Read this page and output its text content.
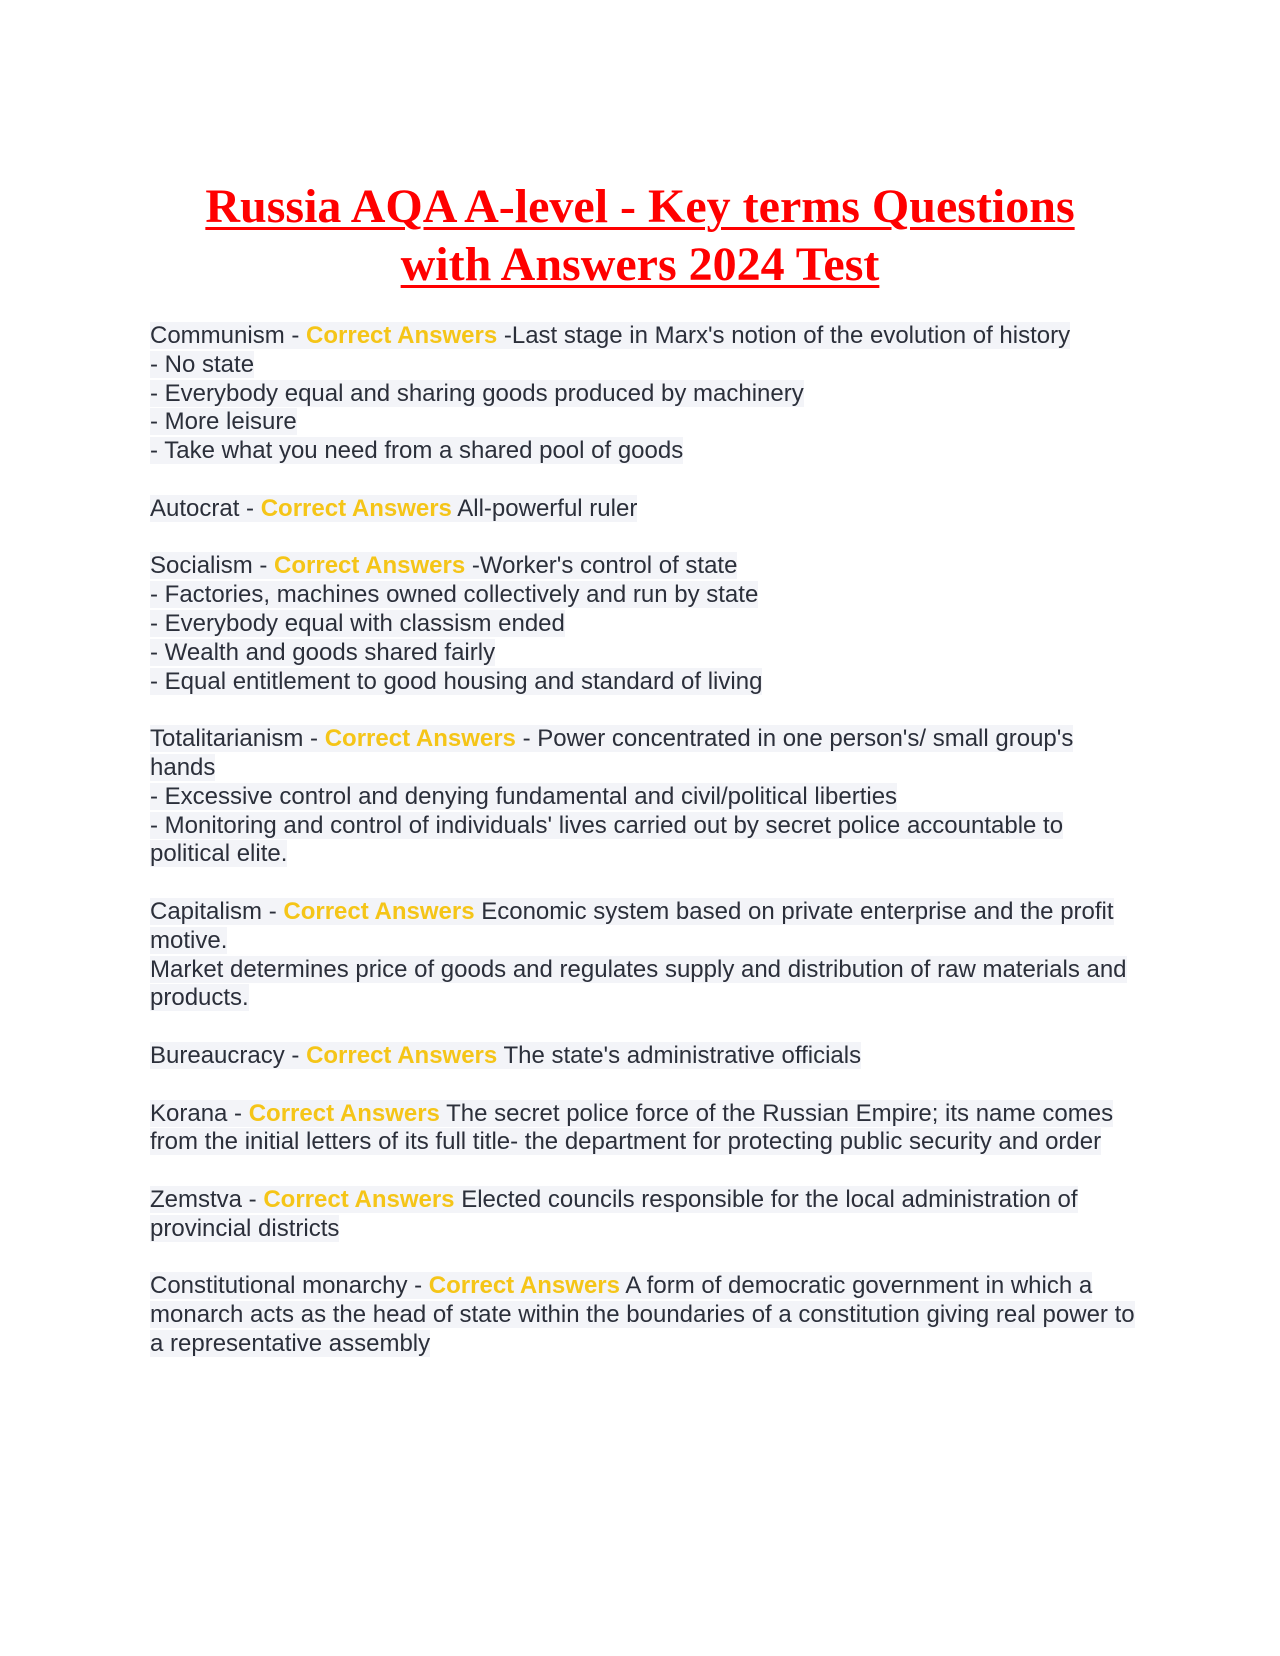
Russia AQA A-level - Key terms Questions
with Answers 2024 Test

Communism - Correct Answers -Last stage in Marx's notion of the evolution of history

- No state

- Everybody equal and sharing goods produced by machinery

- More leisure

- Take what you need from a shared pool of goods

Autocrat - Correct Answers All-powerful ruler

Socialism - Correct Answers -Worker's control of state

- Factories, machines owned collectively and run by state

- Everybody equal with classism ended

- Wealth and goods shared fairly

- Equal entitlement to good housing and standard of living

Totalitarianism - Correct Answers - Power concentrated in one person's/ small group's hands

- Excessive control and denying fundamental and civil/political liberties

- Monitoring and control of individuals' lives carried out by secret police accountable to political elite.

Capitalism - Correct Answers Economic system based on private enterprise and the profit motive.

Market determines price of goods and regulates supply and distribution of raw materials and products.

Bureaucracy - Correct Answers The state's administrative officials

Korana - Correct Answers The secret police force of the Russian Empire; its name comes from the initial letters of its full title- the department for protecting public security and order

Zemstva - Correct Answers Elected councils responsible for the local administration of provincial districts

Constitutional monarchy - Correct Answers A form of democratic government in which a monarch acts as the head of state within the boundaries of a constitution giving real power to a representative assembly
